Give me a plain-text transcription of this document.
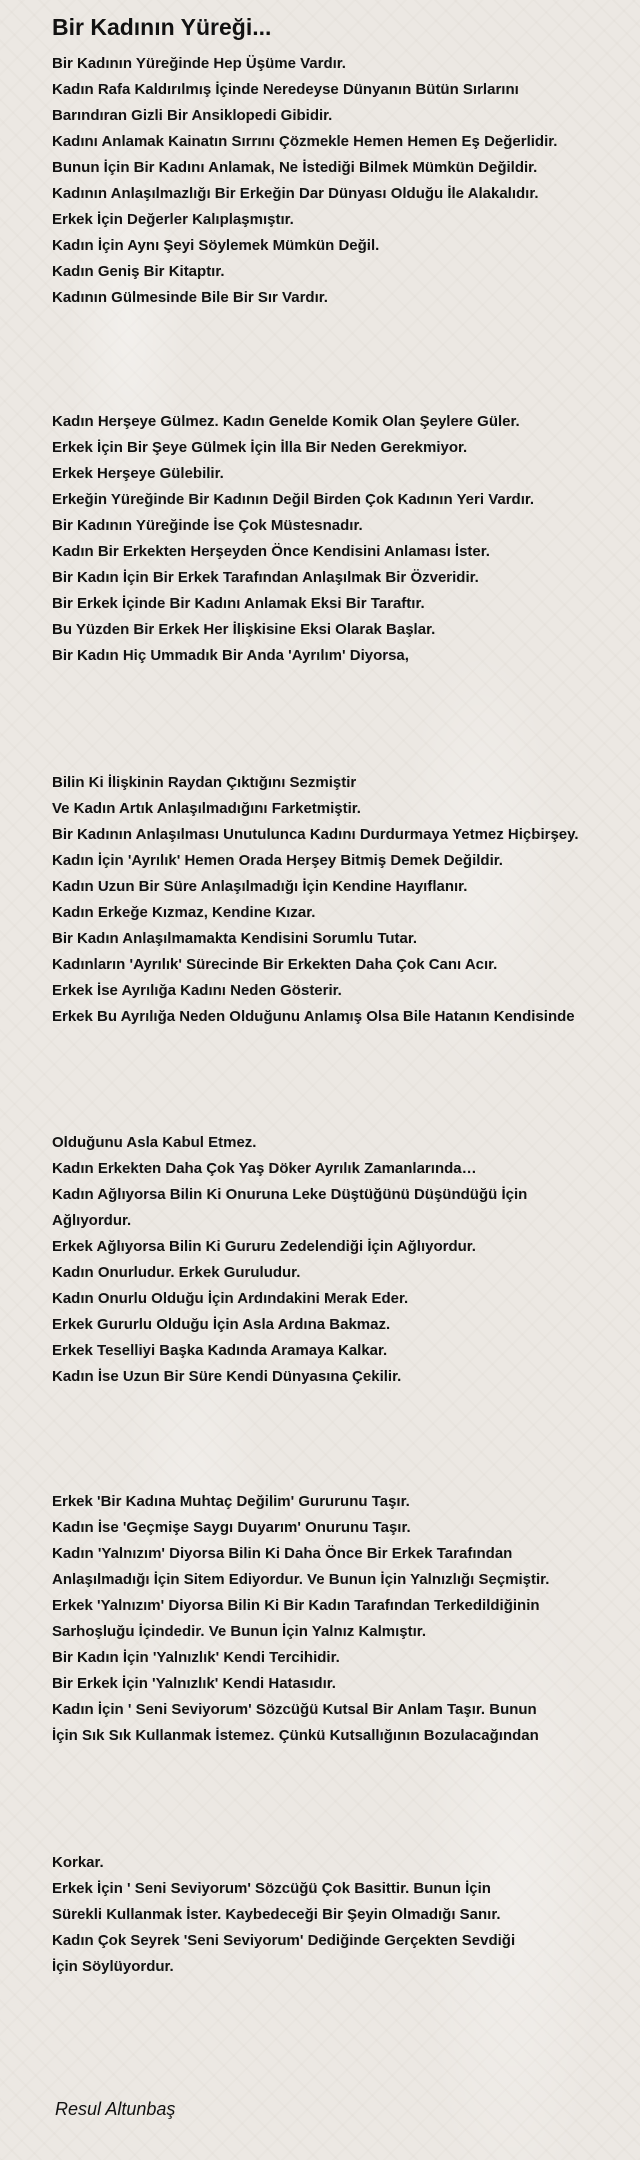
Bir Kadının Yüreği...
Bir Kadının Yüreğinde Hep Üşüme Vardır.
Kadın Rafa Kaldırılmış İçinde Neredeyse Dünyanın Bütün Sırlarını
Barındıran Gizli Bir Ansiklopedi Gibidir.
Kadını Anlamak Kainatın Sırrını Çözmekle Hemen Hemen Eş Değerlidir.
Bunun İçin Bir Kadını Anlamak, Ne İstediği Bilmek Mümkün Değildir.
Kadının Anlaşılmazlığı Bir Erkeğin Dar Dünyası Olduğu İle Alakalıdır.
Erkek İçin Değerler Kalıplaşmıştır.
Kadın İçin Aynı Şeyi Söylemek Mümkün Değil.
Kadın Geniş Bir Kitaptır.
Kadının Gülmesinde Bile Bir Sır Vardır.
Kadın Herşeye Gülmez. Kadın Genelde Komik Olan Şeylere Güler.
Erkek İçin Bir Şeye Gülmek İçin İlla Bir Neden Gerekmiyor.
Erkek Herşeye Gülebilir.
Erkeğin Yüreğinde Bir Kadının Değil Birden Çok Kadının Yeri Vardır.
Bir Kadının Yüreğinde İse Çok Müstesnadır.
Kadın Bir Erkekten Herşeyden Önce Kendisini Anlaması İster.
Bir Kadın İçin Bir Erkek Tarafından Anlaşılmak Bir Özveridir.
Bir Erkek İçinde Bir Kadını Anlamak Eksi Bir Taraftır.
Bu Yüzden Bir Erkek Her İlişkisine Eksi Olarak Başlar.
Bir Kadın Hiç Ummadık Bir Anda 'Ayrılım' Diyorsa,
Bilin Ki İlişkinin Raydan Çıktığını Sezmiştir
Ve Kadın Artık Anlaşılmadığını Farketmiştir.
Bir Kadının Anlaşılması Unutulunca Kadını Durdurmaya Yetmez Hiçbirşey.
Kadın İçin 'Ayrılık' Hemen Orada Herşey Bitmiş Demek Değildir.
Kadın Uzun Bir Süre Anlaşılmadığı İçin Kendine Hayıflanır.
Kadın Erkeğe Kızmaz, Kendine Kızar.
Bir Kadın Anlaşılmamakta Kendisini Sorumlu Tutar.
Kadınların 'Ayrılık' Sürecinde Bir Erkekten Daha Çok Canı Acır.
Erkek İse Ayrılığa Kadını Neden Gösterir.
Erkek Bu Ayrılığa Neden Olduğunu Anlamış Olsa Bile Hatanın Kendisinde
Olduğunu Asla Kabul Etmez.
Kadın Erkekten Daha Çok Yaş Döker Ayrılık Zamanlarında…
Kadın Ağlıyorsa Bilin Ki Onuruna Leke Düştüğünü Düşündüğü İçin
Ağlıyordur.
Erkek Ağlıyorsa Bilin Ki Gururu Zedelendiği İçin Ağlıyordur.
Kadın Onurludur. Erkek Guruludur.
Kadın Onurlu Olduğu İçin Ardındakini Merak Eder.
Erkek Gururlu Olduğu İçin Asla Ardına Bakmaz.
Erkek Teselliyi Başka Kadında Aramaya Kalkar.
Kadın İse Uzun Bir Süre Kendi Dünyasına Çekilir.
Erkek 'Bir Kadına Muhtaç Değilim' Gururunu Taşır.
Kadın İse 'Geçmişe Saygı Duyarım' Onurunu Taşır.
Kadın 'Yalnızım' Diyorsa Bilin Ki Daha Önce Bir Erkek Tarafından
Anlaşılmadığı İçin Sitem Ediyordur. Ve Bunun İçin Yalnızlığı Seçmiştir.
Erkek 'Yalnızım' Diyorsa Bilin Ki Bir Kadın Tarafından Terkedildiğinin
Sarhoşluğu İçindedir. Ve Bunun İçin Yalnız Kalmıştır.
Bir Kadın İçin 'Yalnızlık' Kendi Tercihidir.
Bir Erkek İçin 'Yalnızlık' Kendi Hatasıdır.
Kadın İçin ' Seni Seviyorum' Sözcüğü Kutsal Bir Anlam Taşır. Bunun
İçin Sık Sık Kullanmak İstemez. Çünkü Kutsallığının Bozulacağından
Korkar.
Erkek İçin ' Seni Seviyorum' Sözcüğü Çok Basittir. Bunun İçin
Sürekli Kullanmak İster. Kaybedeceği Bir Şeyin Olmadığı Sanır.
Kadın Çok Seyrek 'Seni Seviyorum' Dediğinde Gerçekten Sevdiği
İçin Söylüyordur.
Resul Altunbaş
